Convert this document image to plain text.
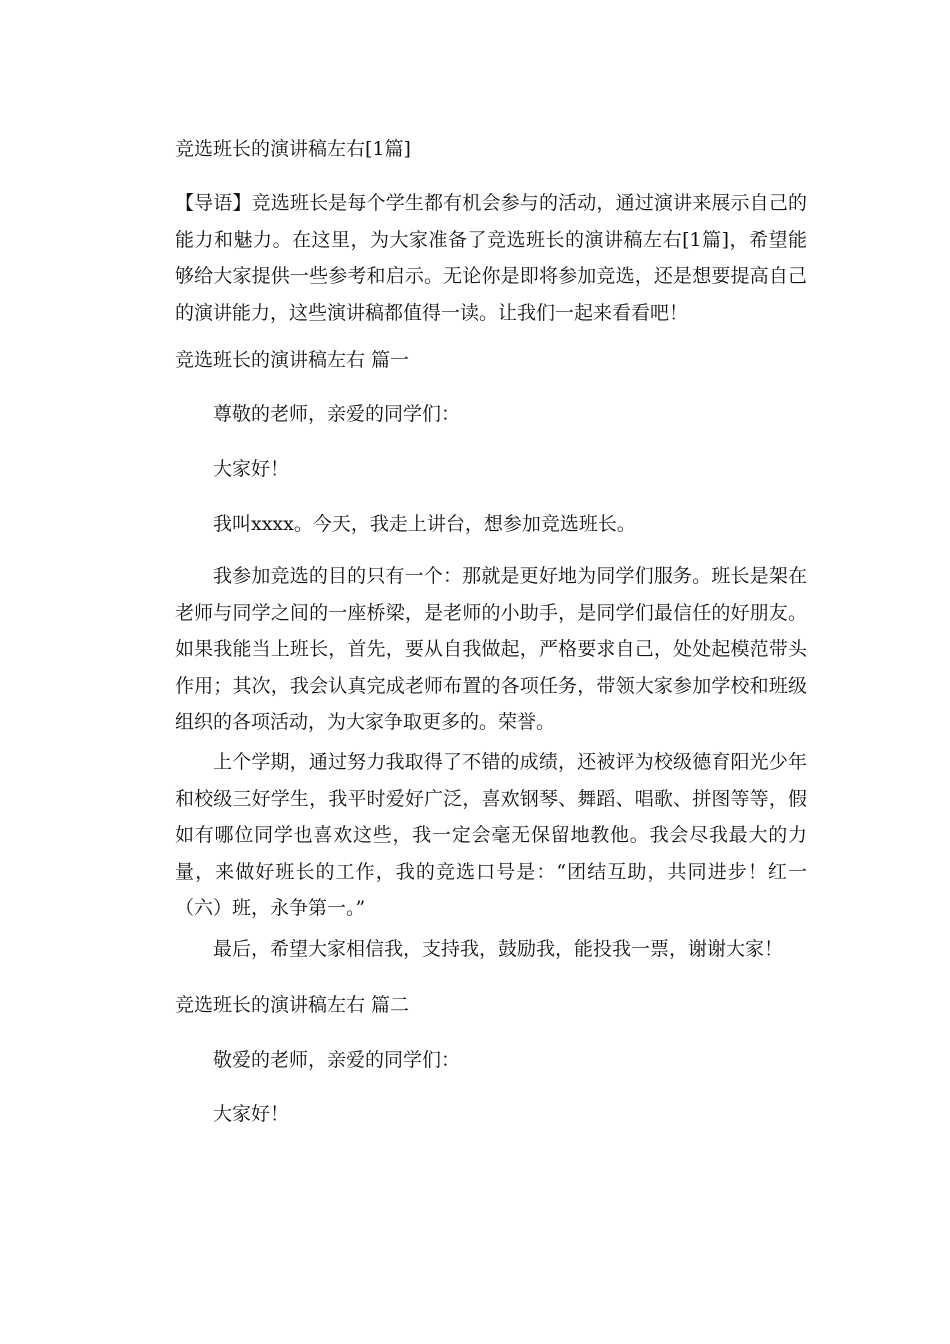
竞选班长的演讲稿左右[1篇]
【导语】竞选班长是每个学生都有机会参与的活动，通过演讲来展示自己的能力和魅力。在这里，为大家准备了竞选班长的演讲稿左右[1篇]，希望能够给大家提供一些参考和启示。无论你是即将参加竞选，还是想要提高自己的演讲能力，这些演讲稿都值得一读。让我们一起来看看吧！
竞选班长的演讲稿左右 篇一
尊敬的老师，亲爱的同学们：
大家好！
我叫xxxx。今天，我走上讲台，想参加竞选班长。
我参加竞选的目的只有一个：那就是更好地为同学们服务。班长是架在老师与同学之间的一座桥梁，是老师的小助手，是同学们最信任的好朋友。如果我能当上班长，首先，要从自我做起，严格要求自己，处处起模范带头作用；其次，我会认真完成老师布置的各项任务，带领大家参加学校和班级组织的各项活动，为大家争取更多的。荣誉。
上个学期，通过努力我取得了不错的成绩，还被评为校级德育阳光少年和校级三好学生，我平时爱好广泛，喜欢钢琴、舞蹈、唱歌、拼图等等，假如有哪位同学也喜欢这些，我一定会毫无保留地教他。我会尽我最大的力量，来做好班长的工作，我的竞选口号是：“团结互助，共同进步！红一（六）班，永争第一。”
最后，希望大家相信我，支持我，鼓励我，能投我一票，谢谢大家！
竞选班长的演讲稿左右 篇二
敬爱的老师，亲爱的同学们：
大家好！
